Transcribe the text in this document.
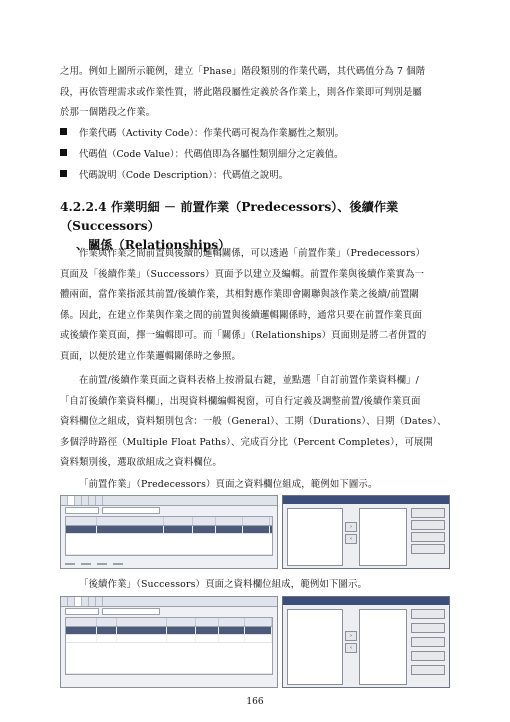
之用。例如上圖所示範例，建立「Phase」階段類別的作業代碼，其代碼值分為 7 個階

段，再依管理需求或作業性質，將此階段屬性定義於各作業上，則各作業即可判別是屬

於那一個階段之作業。

作業代碼（Activity Code）：作業代碼可視為作業屬性之類別。
代碼值（Code Value）：代碼值即為各屬性類別細分之定義值。
代碼說明（Code Description）：代碼值之說明。
4.2.2.4 作業明細 － 前置作業（Predecessors）、後續作業（Successors）
、關係（Relationships）

作業與作業之間前置與後續的邏輯關係，可以透過「前置作業」（Predecessors）

頁面及「後續作業」（Successors）頁面予以建立及編輯。前置作業與後續作業實為一

體兩面，當作業指派其前置/後續作業，其相對應作業即會關聯與該作業之後續/前置關

係。因此，在建立作業與作業之間的前置與後續邏輯關係時，通常只要在前置作業頁面

或後續作業頁面，擇一編輯即可。而「關係」（Relationships）頁面則是將二者併置的

頁面，以便於建立作業邏輯關係時之參照。

在前置/後續作業頁面之資料表格上按滑鼠右鍵，並點選「自訂前置作業資料欄」/

「自訂後續作業資料欄」，出現資料欄編輯視窗，可自行定義及調整前置/後續作業頁面

資料欄位之組成，資料類別包含：一般（General）、工期（Durations）、日期（Dates）、

多個浮時路徑（Multiple Float Paths）、完成百分比（Percent Completes），可展開

資料類別後，選取欲組成之資料欄位。

「前置作業」（Predecessors）頁面之資料欄位組成，範例如下圖示。

›
‹

「後續作業」（Successors）頁面之資料欄位組成，範例如下圖示。

›
‹
166
